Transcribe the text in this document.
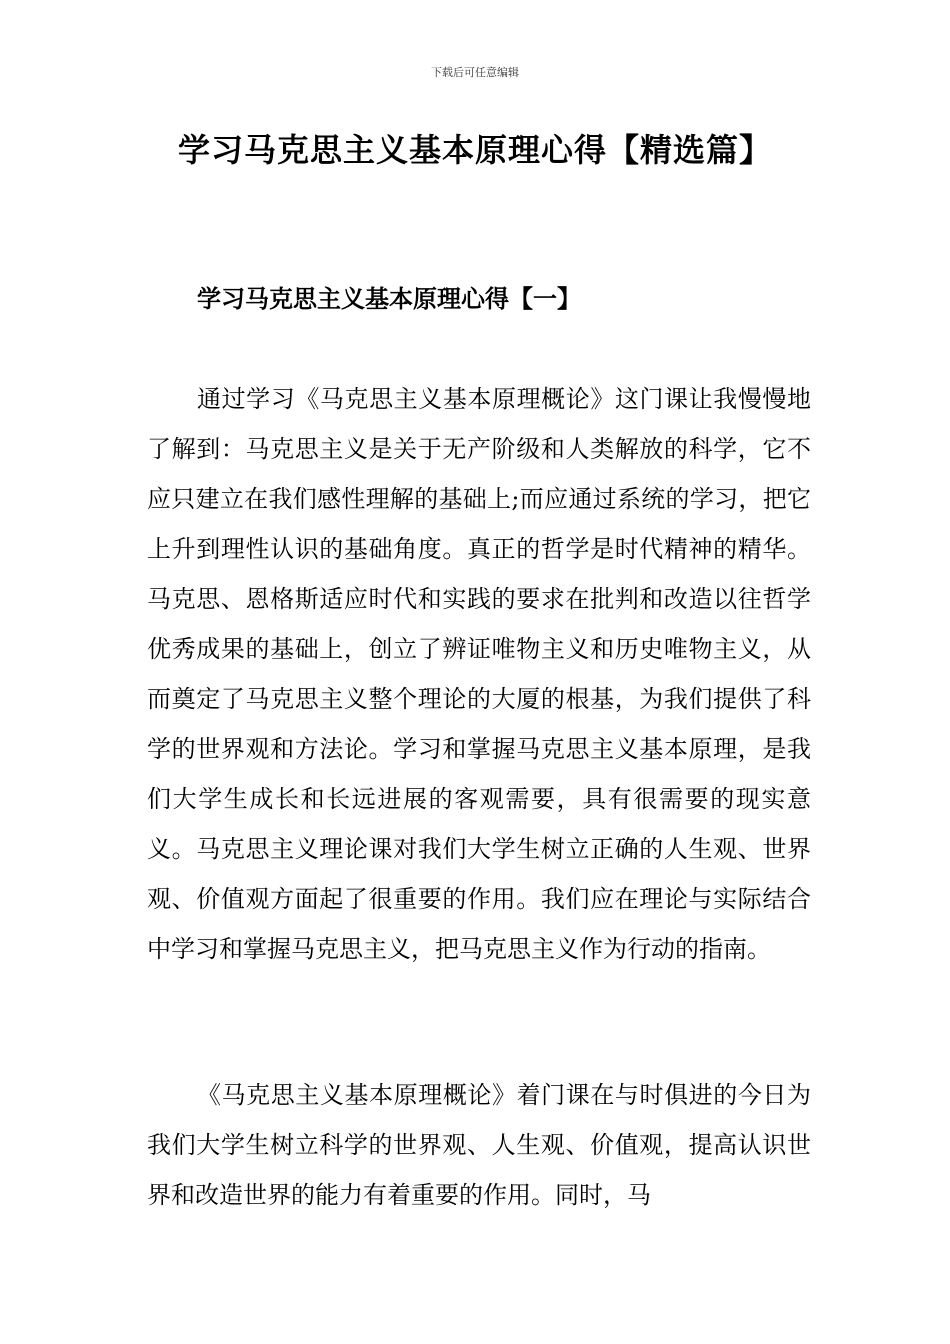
下载后可任意编辑
学习马克思主义基本原理心得【精选篇】
学习马克思主义基本原理心得【一】

通过学习《马克思主义基本原理概论》这门课让我慢慢地了解到：马克思主义是关于无产阶级和人类解放的科学，它不应只建立在我们感性理解的基础上;而应通过系统的学习，把它上升到理性认识的基础角度。真正的哲学是时代精神的精华。马克思、恩格斯适应时代和实践的要求在批判和改造以往哲学优秀成果的基础上，创立了辨证唯物主义和历史唯物主义，从而奠定了马克思主义整个理论的大厦的根基，为我们提供了科学的世界观和方法论。学习和掌握马克思主义基本原理，是我们大学生成长和长远进展的客观需要，具有很需要的现实意义。马克思主义理论课对我们大学生树立正确的人生观、世界观、价值观方面起了很重要的作用。我们应在理论与实际结合中学习和掌握马克思主义，把马克思主义作为行动的指南。

《马克思主义基本原理概论》着门课在与时俱进的今日为我们大学生树立科学的世界观、人生观、价值观，提高认识世界和改造世界的能力有着重要的作用。同时，马
